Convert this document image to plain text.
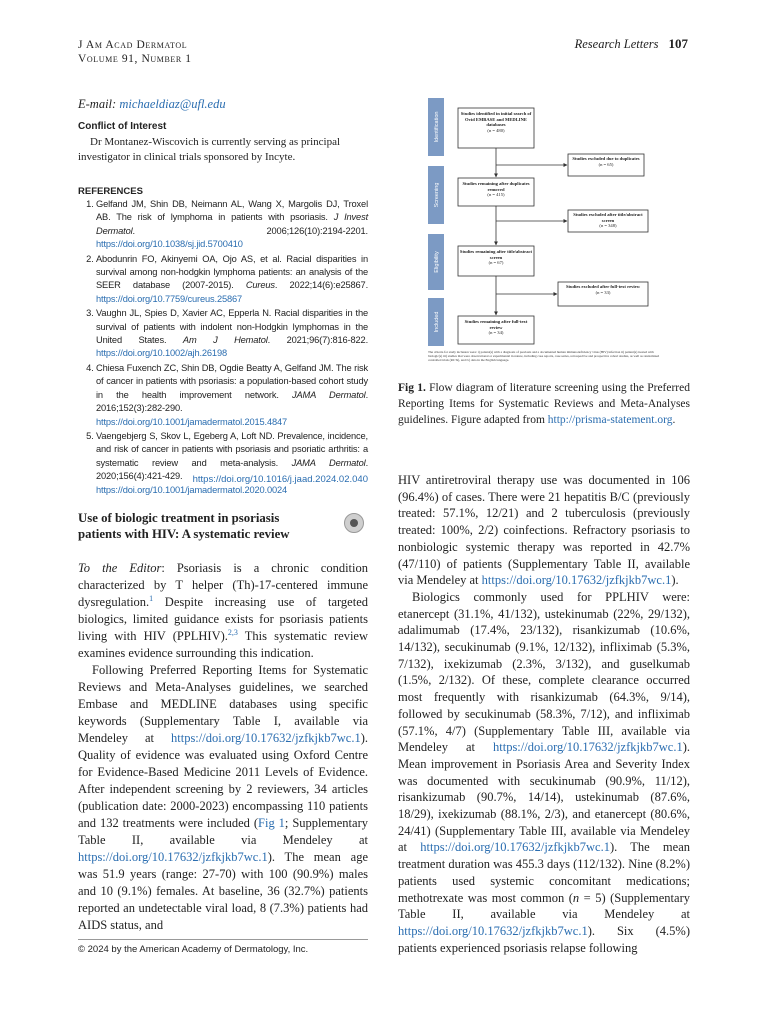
J Am Acad Dermatol
Volume 91, Number 1
Research Letters 107
E-mail: michaeldiaz@ufl.edu
Conflict of Interest
Dr Montanez-Wiscovich is currently serving as principal investigator in clinical trials sponsored by Incyte.
REFERENCES
1. Gelfand JM, Shin DB, Neimann AL, Wang X, Margolis DJ, Troxel AB. The risk of lymphoma in patients with psoriasis. J Invest Dermatol. 2006;126(10):2194-2201. https://doi.org/10.1038/sj.jid.5700410
2. Abodunrin FO, Akinyemi OA, Ojo AS, et al. Racial disparities in survival among non-hodgkin lymphoma patients: an analysis of the SEER database (2007-2015). Cureus. 2022;14(6):e25867. https://doi.org/10.7759/cureus.25867
3. Vaughn JL, Spies D, Xavier AC, Epperla N. Racial disparities in the survival of patients with indolent non-Hodgkin lymphomas in the United States. Am J Hematol. 2021;96(7):816-822. https://doi.org/10.1002/ajh.26198
4. Chiesa Fuxench ZC, Shin DB, Ogdie Beatty A, Gelfand JM. The risk of cancer in patients with psoriasis: a population-based cohort study in the health improvement network. JAMA Dermatol. 2016;152(3):282-290. https://doi.org/10.1001/jamadermatol.2015.4847
5. Vaengebjerg S, Skov L, Egeberg A, Loft ND. Prevalence, incidence, and risk of cancer in patients with psoriasis and psoriatic arthritis: a systematic review and meta-analysis. JAMA Dermatol. 2020;156(4):421-429. https://doi.org/10.1001/jamadermatol.2020.0024
https://doi.org/10.1016/j.jaad.2024.02.040
Use of biologic treatment in psoriasis patients with HIV: A systematic review

To the Editor: Psoriasis is a chronic condition characterized by T helper (Th)-17-centered immune dysregulation.$^1$ Despite increasing use of targeted biologics, limited guidance exists for psoriasis patients living with HIV (PPLHIV).$^{2,3}$ This systematic review examines evidence surrounding this indication.

Following Preferred Reporting Items for Systematic Reviews and Meta-Analyses guidelines, we searched Embase and MEDLINE databases using specific keywords (Supplementary Table I, available via Mendeley at https://doi.org/10.17632/jzfkjkb7wc.1). Quality of evidence was evaluated using Oxford Centre for Evidence-Based Medicine 2011 Levels of Evidence. After independent screening by 2 reviewers, 34 articles (publication date: 2000-2023) encompassing 110 patients and 132 treatments were included (Fig 1; Supplementary Table II, available via Mendeley at https://doi.org/10.17632/jzfkjkb7wc.1). The mean age was 51.9 years (range: 27-70) with 100 (90.9%) males and 10 (9.1%) females. At baseline, 36 (32.7%) patients reported an undetectable viral load, 8 (7.3%) patients had AIDS status, and

© 2024 by the American Academy of Dermatology, Inc.
Identification
Screening
Eligibility
Included
Studies identified in initial search of Ovid EMBASE and MEDLINE databases
(n = 480)
Studies excluded due to duplicates
(n = 65)
Studies remaining after duplicates removed
(n = 415)
Studies excluded after title/abstract screen
(n = 348)
Studies remaining after title/abstract screen
(n = 67)
Studies excluded after full-text review
(n = 33)
Studies remaining after full-text review
(n = 34)
The criteria for study inclusion were: i) patient(s) with a diagnosis of psoriasis and a documented human immunodeficiency virus (HIV) infection ii) patient(s) treated with biologic(s) iii) studies that were observational or experimental in nature, including case reports, case series, retrospective and prospective cohort studies, as well as randomized controlled trials (RCTs), and iv) data in the English language.
Fig 1. Flow diagram of literature screening using the Preferred Reporting Items for Systematic Reviews and Meta-Analyses guidelines. Figure adapted from http://prisma-statement.org.

HIV antiretroviral therapy use was documented in 106 (96.4%) of cases. There were 21 hepatitis B/C (previously treated: 57.1%, 12/21) and 2 tuberculosis (previously treated: 100%, 2/2) coinfections. Refractory psoriasis to nonbiologic systemic therapy was reported in 42.7% (47/110) of patients (Supplementary Table II, available via Mendeley at https://doi.org/10.17632/jzfkjkb7wc.1).

Biologics commonly used for PPLHIV were: etanercept (31.1%, 41/132), ustekinumab (22%, 29/132), adalimumab (17.4%, 23/132), risankizumab (10.6%, 14/132), secukinumab (9.1%, 12/132), infliximab (5.3%, 7/132), ixekizumab (2.3%, 3/132), and guselkumab (1.5%, 2/132). Of these, complete clearance occurred most frequently with risankizumab (64.3%, 9/14), followed by secukinumab (58.3%, 7/12), and infliximab (57.1%, 4/7) (Supplementary Table III, available via Mendeley at https://doi.org/10.17632/jzfkjkb7wc.1). Mean improvement in Psoriasis Area and Severity Index was documented with secukinumab (90.9%, 11/12), risankizumab (90.7%, 14/14), ustekinumab (87.6%, 18/29), ixekizumab (88.1%, 2/3), and etanercept (80.6%, 24/41) (Supplementary Table III, available via Mendeley at https://doi.org/10.17632/jzfkjkb7wc.1). The mean treatment duration was 455.3 days (112/132). Nine (8.2%) patients used systemic concomitant medications; methotrexate was most common (n = 5) (Supplementary Table II, available via Mendeley at https://doi.org/10.17632/jzfkjkb7wc.1). Six (4.5%) patients experienced psoriasis relapse following
